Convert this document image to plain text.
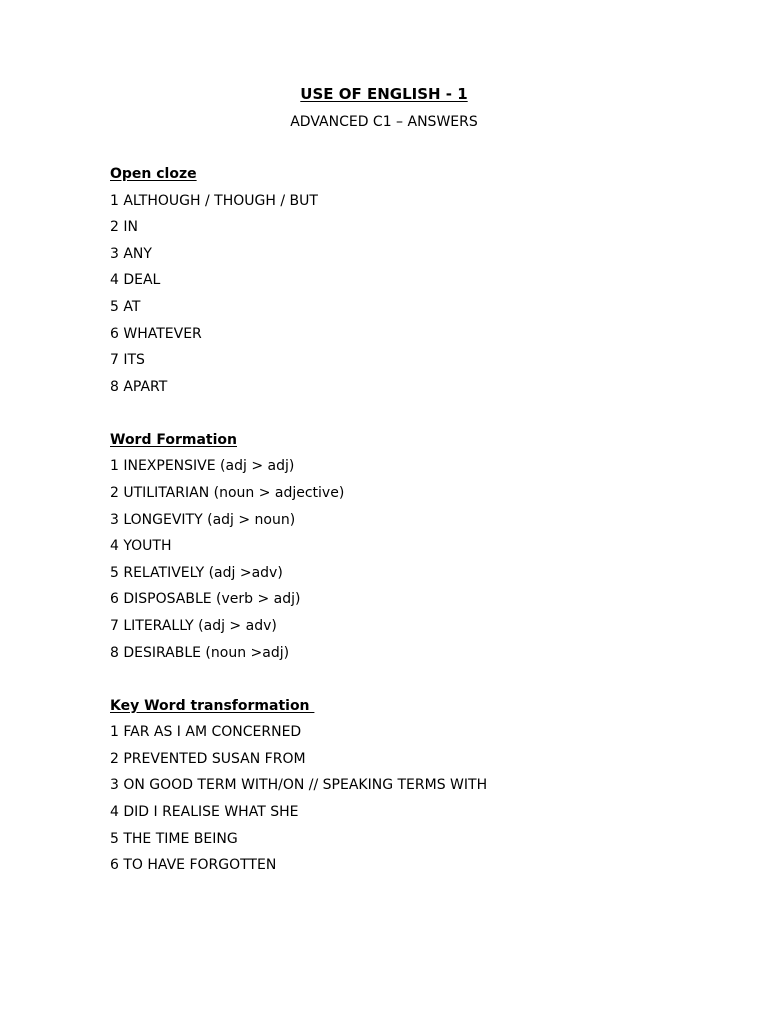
USE OF ENGLISH - 1
ADVANCED C1 – ANSWERS
Open cloze
1 ALTHOUGH / THOUGH / BUT
2 IN
3 ANY
4 DEAL
5 AT
6 WHATEVER
7 ITS
8 APART
Word Formation
1 INEXPENSIVE (adj > adj)
2 UTILITARIAN (noun > adjective)
3 LONGEVITY (adj > noun)
4 YOUTH
5 RELATIVELY (adj >adv)
6 DISPOSABLE (verb > adj)
7 LITERALLY (adj > adv)
8 DESIRABLE (noun >adj)
Key Word transformation
1 FAR AS I AM CONCERNED
2 PREVENTED SUSAN FROM
3 ON GOOD TERM WITH/ON // SPEAKING TERMS WITH
4 DID I REALISE WHAT SHE
5 THE TIME BEING
6 TO HAVE FORGOTTEN
